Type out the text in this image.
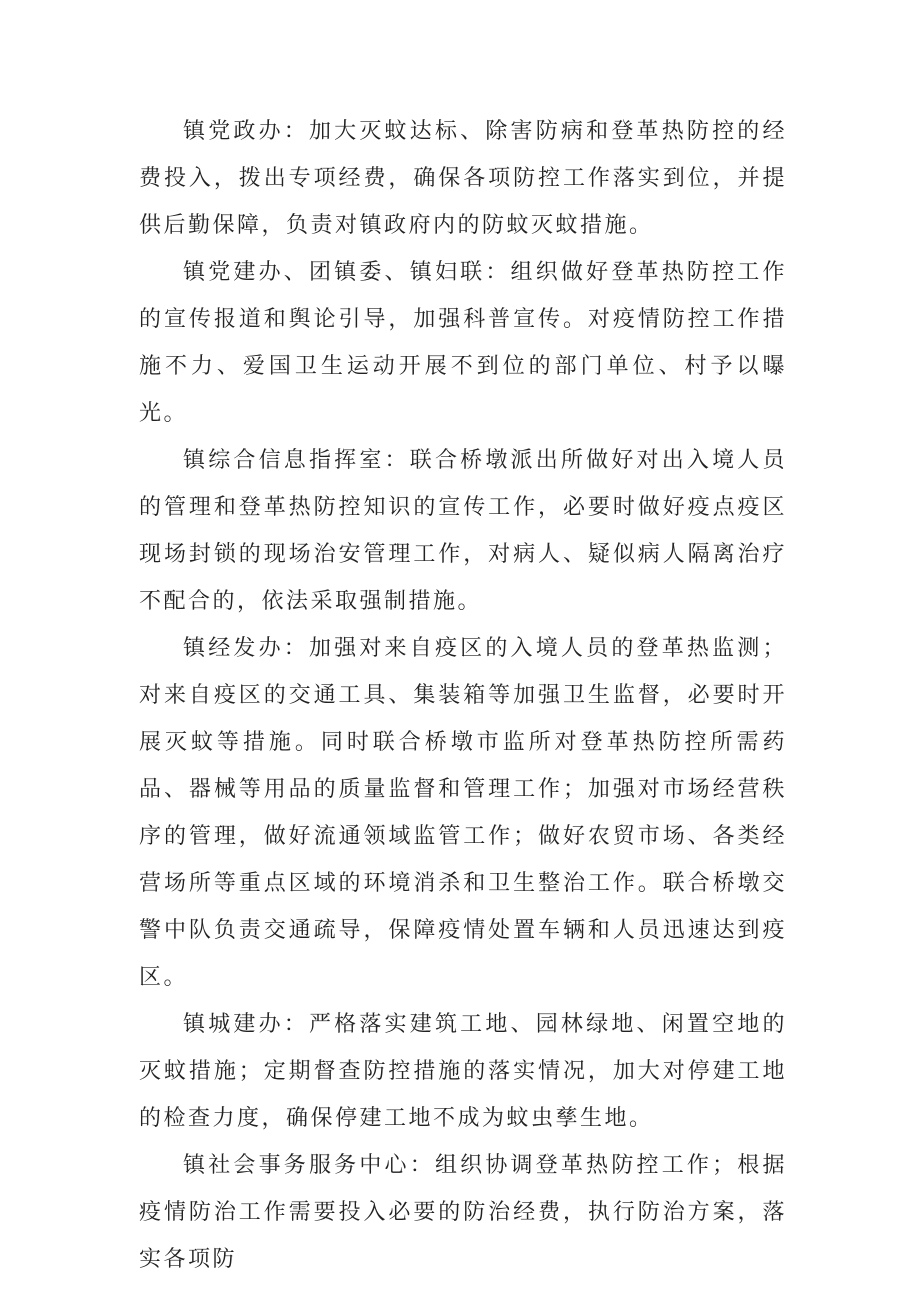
镇党政办：加大灭蚊达标、除害防病和登革热防控的经费投入，拨出专项经费，确保各项防控工作落实到位，并提供后勤保障，负责对镇政府内的防蚊灭蚊措施。

镇党建办、团镇委、镇妇联：组织做好登革热防控工作的宣传报道和舆论引导，加强科普宣传。对疫情防控工作措施不力、爱国卫生运动开展不到位的部门单位、村予以曝光。

镇综合信息指挥室：联合桥墩派出所做好对出入境人员的管理和登革热防控知识的宣传工作，必要时做好疫点疫区现场封锁的现场治安管理工作，对病人、疑似病人隔离治疗不配合的，依法采取强制措施。

镇经发办：加强对来自疫区的入境人员的登革热监测；对来自疫区的交通工具、集装箱等加强卫生监督，必要时开展灭蚊等措施。同时联合桥墩市监所对登革热防控所需药品、器械等用品的质量监督和管理工作；加强对市场经营秩序的管理，做好流通领域监管工作；做好农贸市场、各类经营场所等重点区域的环境消杀和卫生整治工作。联合桥墩交警中队负责交通疏导，保障疫情处置车辆和人员迅速达到疫区。

镇城建办：严格落实建筑工地、园林绿地、闲置空地的灭蚊措施；定期督查防控措施的落实情况，加大对停建工地的检查力度，确保停建工地不成为蚊虫孳生地。

镇社会事务服务中心：组织协调登革热防控工作；根据疫情防治工作需要投入必要的防治经费，执行防治方案，落实各项防
